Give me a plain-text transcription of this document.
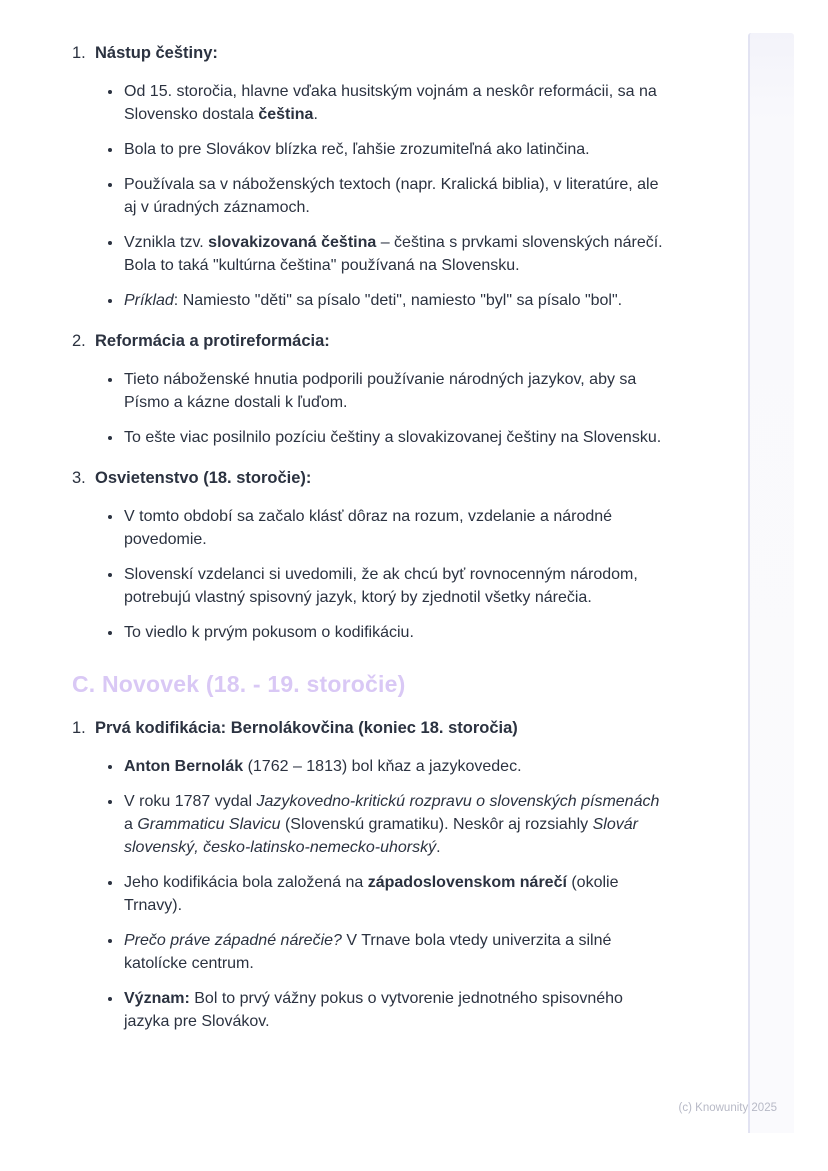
1. Nástup češtiny:
• Od 15. storočia, hlavne vďaka husitským vojnám a neskôr reformácii, sa na Slovensko dostala čeština.
• Bola to pre Slovákov blízka reč, ľahšie zrozumiteľná ako latinčina.
• Používala sa v náboženských textoch (napr. Kralická biblia), v literatúre, ale aj v úradných záznamoch.
• Vznikla tzv. slovakizovaná čeština – čeština s prvkami slovenských nárečí. Bola to taká "kultúrna čeština" používaná na Slovensku.
• Príklad: Namiesto "děti" sa písalo "deti", namiesto "byl" sa písalo "bol".
2. Reformácia a protireformácia:
• Tieto náboženské hnutia podporili používanie národných jazykov, aby sa Písmo a kázne dostali k ľuďom.
• To ešte viac posilnilo pozíciu češtiny a slovakizovanej češtiny na Slovensku.
3. Osvietenstvo (18. storočie):
• V tomto období sa začalo klásť dôraz na rozum, vzdelanie a národné povedomie.
• Slovenskí vzdelanci si uvedomili, že ak chcú byť rovnocenným národom, potrebujú vlastný spisovný jazyk, ktorý by zjednotil všetky nárečia.
• To viedlo k prvým pokusom o kodifikáciu.
C. Novovek (18. - 19. storočie)
1. Prvá kodifikácia: Bernolákovčina (koniec 18. storočia)
• Anton Bernolák (1762 – 1813) bol kňaz a jazykovedec.
• V roku 1787 vydal Jazykovedno-kritickú rozpravu o slovenských písmenách a Grammaticu Slavicu (Slovenskú gramatiku). Neskôr aj rozsiahly Slovár slovenský, česko-latinsko-nemecko-uhorský.
• Jeho kodifikácia bola založená na západoslovenskom nárečí (okolie Trnavy).
• Prečo práve západné nárečie? V Trnave bola vtedy univerzita a silné katolícke centrum.
• Význam: Bol to prvý vážny pokus o vytvorenie jednotného spisovného jazyka pre Slovákov.
(c) Knowunity 2025
